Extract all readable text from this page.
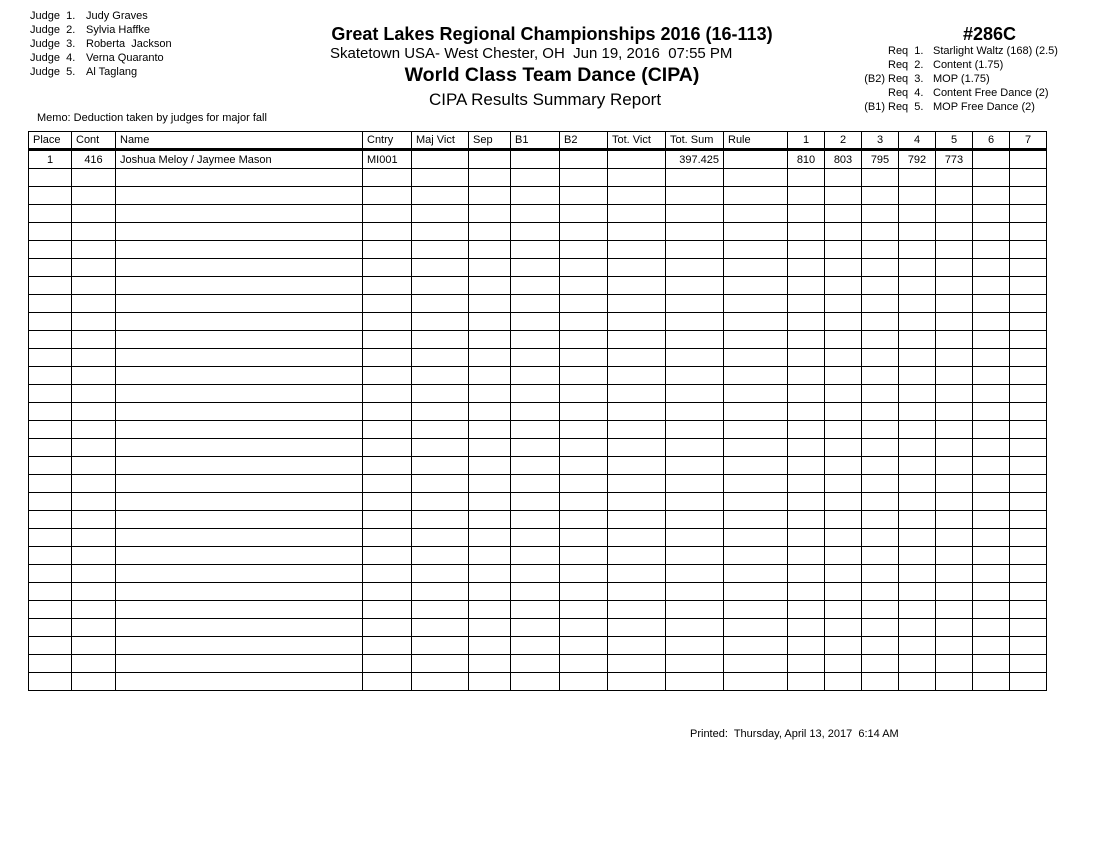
Judge  1. Judy Graves
Judge  2. Sylvia Haffke
Judge  3. Roberta  Jackson
Judge  4. Verna Quaranto
Judge  5. Al Taglang
Great Lakes Regional Championships 2016 (16-113)
Skatetown USA- West Chester, OH  Jun 19, 2016  07:55 PM
World Class Team Dance (CIPA)
CIPA Results Summary Report
#286C
Req  1. Starlight Waltz (168) (2.5)
Req  2. Content (1.75)
(B2) Req  3. MOP (1.75)
Req  4. Content Free Dance (2)
(B1) Req  5. MOP Free Dance (2)
Memo: Deduction taken by judges for major fall
Place	Cont	Name	Cntry	Maj Vict	Sep	B1	B2	Tot. Vict	Tot. Sum	Rule	1	2	3	4	5	6	7
1	416	Joshua Meloy / Jaymee Mason	MI001						397.425		810	803	795	792	773		

Printed:  Thursday, April 13, 2017  6:14 AM
